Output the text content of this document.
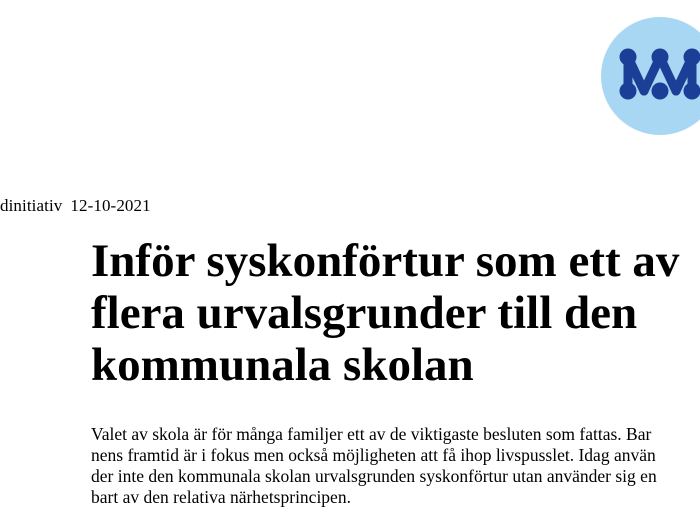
dinitiativ 12-10-2021
Inför syskonförtur som ett av
flera urvalsgrunder till den
kommunala skolan
Valet av skola är för många familjer ett av de viktigaste besluten som fattas. Bar
nens framtid är i fokus men också möjligheten att få ihop livspusslet. Idag använ
der inte den kommunala skolan urvalsgrunden syskonförtur utan använder sig en
bart av den relativa närhetsprincipen.
